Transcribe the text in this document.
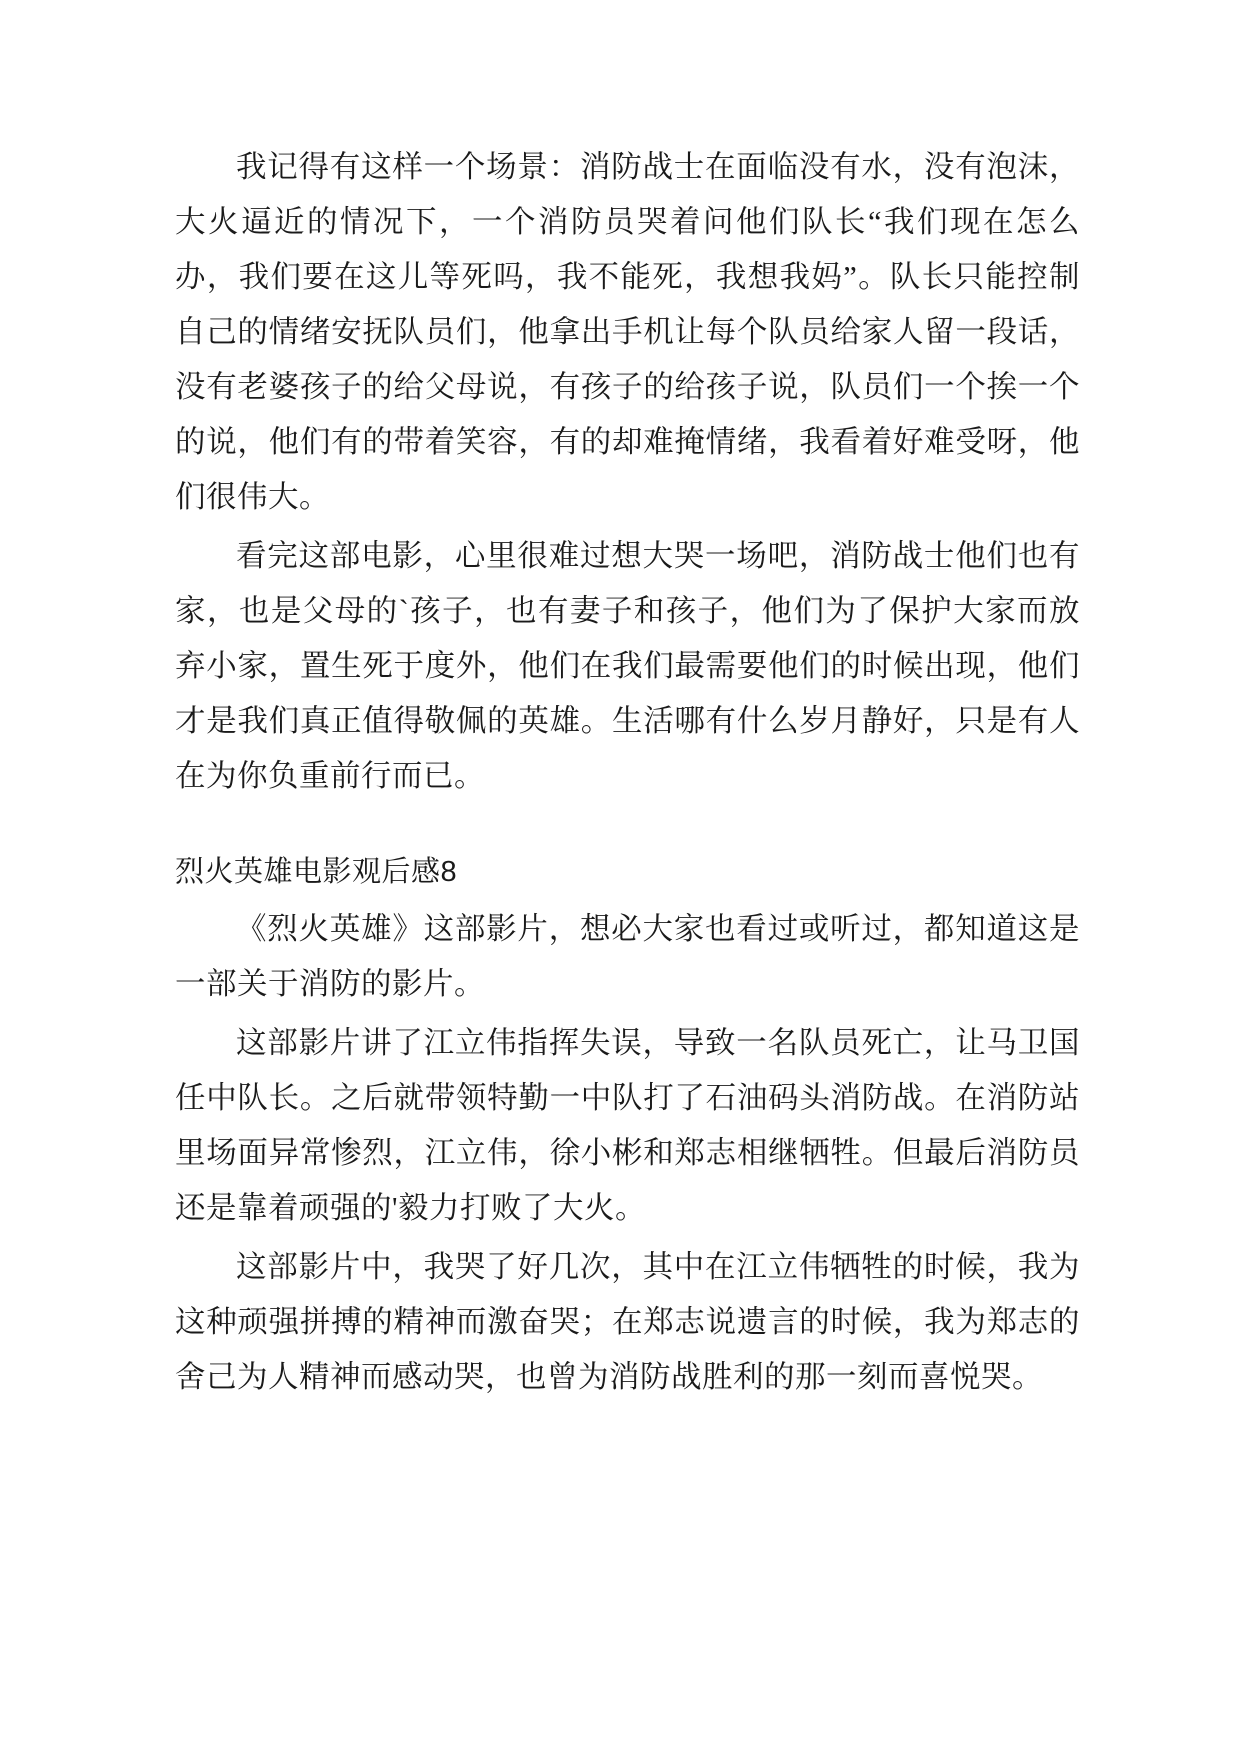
我记得有这样一个场景：消防战士在面临没有水，没有泡沫，大火逼近的情况下，一个消防员哭着问他们队长“我们现在怎么办，我们要在这儿等死吗，我不能死，我想我妈”。队长只能控制自己的情绪安抚队员们，他拿出手机让每个队员给家人留一段话，没有老婆孩子的给父母说，有孩子的给孩子说，队员们一个挨一个的说，他们有的带着笑容，有的却难掩情绪，我看着好难受呀，他们很伟大。

看完这部电影，心里很难过想大哭一场吧，消防战士他们也有家，也是父母的`孩子，也有妻子和孩子，他们为了保护大家而放弃小家，置生死于度外，他们在我们最需要他们的时候出现，他们才是我们真正值得敬佩的英雄。生活哪有什么岁月静好，只是有人在为你负重前行而已。

烈火英雄电影观后感8

《烈火英雄》这部影片，想必大家也看过或听过，都知道这是一部关于消防的影片。

这部影片讲了江立伟指挥失误，导致一名队员死亡，让马卫国任中队长。之后就带领特勤一中队打了石油码头消防战。在消防站里场面异常惨烈，江立伟，徐小彬和郑志相继牺牲。但最后消防员还是靠着顽强的'毅力打败了大火。

这部影片中，我哭了好几次，其中在江立伟牺牲的时候，我为这种顽强拼搏的精神而激奋哭；在郑志说遗言的时候，我为郑志的舍己为人精神而感动哭，也曾为消防战胜利的那一刻而喜悦哭。
